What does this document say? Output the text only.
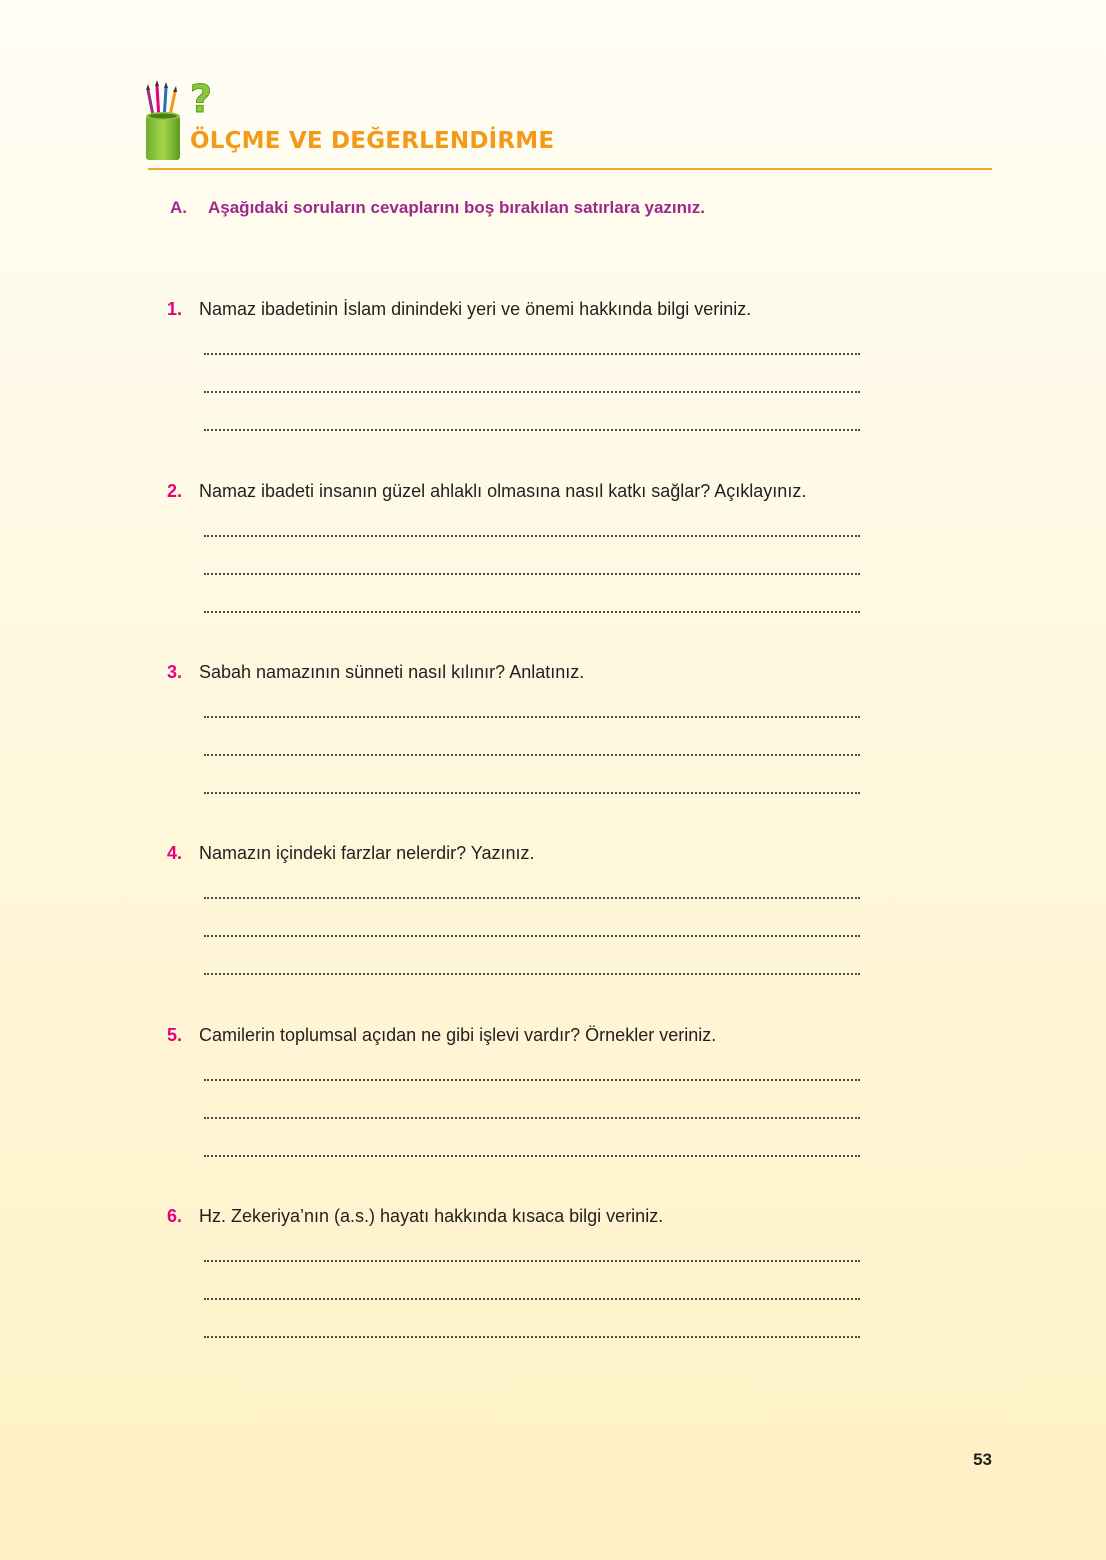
?
ÖLÇME VE DEĞERLENDİRME
A. Aşağıdaki soruların cevaplarını boş bırakılan satırlara yazınız.
1. Namaz ibadetinin İslam dinindeki yeri ve önemi hakkında bilgi veriniz.
2. Namaz ibadeti insanın güzel ahlaklı olmasına nasıl katkı sağlar? Açıklayınız.
3. Sabah namazının sünneti nasıl kılınır? Anlatınız.
4. Namazın içindeki farzlar nelerdir? Yazınız.
5. Camilerin toplumsal açıdan ne gibi işlevi vardır? Örnekler veriniz.
6. Hz. Zekeriya’nın (a.s.) hayatı hakkında kısaca bilgi veriniz.
53
